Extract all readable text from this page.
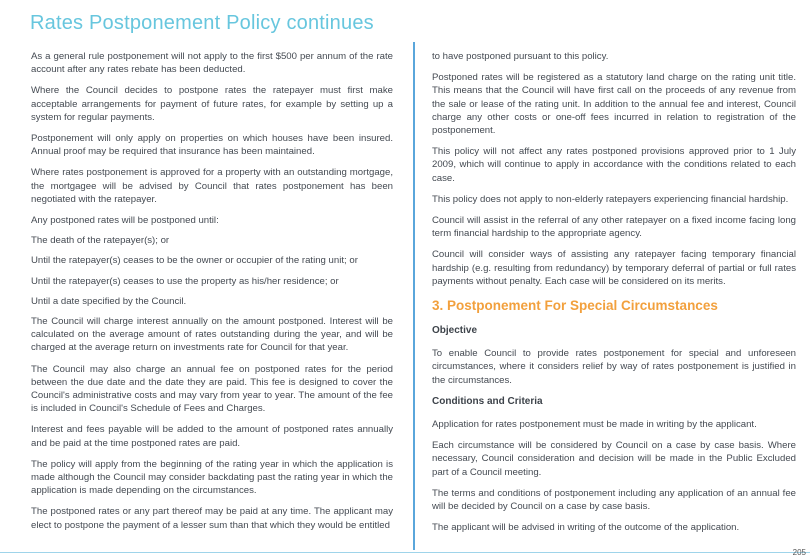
Rates Postponement Policy continues

As a general rule postponement will not apply to the first $500 per annum of the rate account after any rates rebate has been deducted.

Where the Council decides to postpone rates the ratepayer must first make acceptable arrangements for payment of future rates, for example by setting up a system for regular payments.

Postponement will only apply on properties on which houses have been insured. Annual proof may be required that insurance has been maintained.

Where rates postponement is approved for a property with an outstanding mortgage, the mortgagee will be advised by Council that rates postponement has been negotiated with the ratepayer.

Any postponed rates will be postponed until:

The death of the ratepayer(s); or

Until the ratepayer(s) ceases to be the owner or occupier of the rating unit; or

Until the ratepayer(s) ceases to use the property as his/her residence; or

Until a date specified by the Council.

The Council will charge interest annually on the amount postponed. Interest will be calculated on the average amount of rates outstanding during the year, and will be charged at the average return on investments rate for Council for that year.

The Council may also charge an annual fee on postponed rates for the period between the due date and the date they are paid. This fee is designed to cover the Council's administrative costs and may vary from year to year. The amount of the fee is included in Council's Schedule of Fees and Charges.

Interest and fees payable will be added to the amount of postponed rates annually and be paid at the time postponed rates are paid.

The policy will apply from the beginning of the rating year in which the application is made although the Council may consider backdating past the rating year in which the application is made depending on the circumstances.

The postponed rates or any part thereof may be paid at any time. The applicant may elect to postpone the payment of a lesser sum than that which they would be entitled

to have postponed pursuant to this policy.

Postponed rates will be registered as a statutory land charge on the rating unit title. This means that the Council will have first call on the proceeds of any revenue from the sale or lease of the rating unit. In addition to the annual fee and interest, Council charge any other costs or one-off fees incurred in relation to registration of the postponement.

This policy will not affect any rates postponed provisions approved prior to 1 July 2009, which will continue to apply in accordance with the conditions related to each case.

This policy does not apply to non-elderly ratepayers experiencing financial hardship.

Council will assist in the referral of any other ratepayer on a fixed income facing long term financial hardship to the appropriate agency.

Council will consider ways of assisting any ratepayer facing temporary financial hardship (e.g. resulting from redundancy) by temporary deferral of partial or full rates payments without penalty. Each case will be considered on its merits.

3. Postponement For Special Circumstances
Objective

To enable Council to provide rates postponement for special and unforeseen circumstances, where it considers relief by way of rates postponement is justified in the circumstances.

Conditions and Criteria

Application for rates postponement must be made in writing by the applicant.

Each circumstance will be considered by Council on a case by case basis. Where necessary, Council consideration and decision will be made in the Public Excluded part of a Council meeting.

The terms and conditions of postponement including any application of an annual fee will be decided by Council on a case by case basis.

The applicant will be advised in writing of the outcome of the application.

205
